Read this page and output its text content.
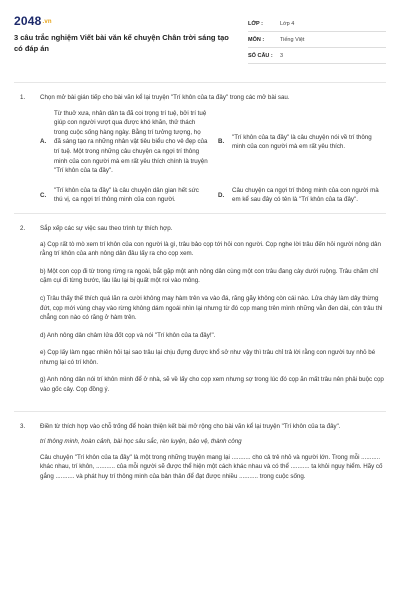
2048.vn
3 câu trắc nghiệm Viết bài văn kể chuyện Chân trời sáng tạo có đáp án
LỚP :	Lớp 4
MÔN :	Tiếng Việt
SỐ CÂU :	3
1.	Chọn mở bài gián tiếp cho bài văn kể lại truyện "Trí khôn của ta đây" trong các mở bài sau.
A.
Từ thuở xưa, nhân dân ta đã coi trọng trí tuệ, bởi trí tuệ giúp con người vượt qua được khó khăn, thử thách trong cuộc sống hàng ngày. Bằng trí tưởng tượng, họ đã sáng tạo ra những nhân vật tiêu biểu cho vẻ đẹp của trí tuệ. Một trong những câu chuyện ca ngợi trí thông minh của con người mà em rất yêu thích chính là truyện "Trí khôn của ta đây".
B.
"Trí khôn của ta đây" là câu chuyện nói về trí thông minh của con người mà em rất yêu thích.
C.
"Trí khôn của ta đây" là câu chuyện dân gian hết sức thú vị, ca ngợi trí thông minh của con người.
D.
Câu chuyện ca ngợi trí thông minh của con người mà em kể sau đây có tên là "Trí khôn của ta đây".
2.	Sắp xếp các sự việc sau theo trình tự thích hợp.
a) Cọp rất tò mò xem trí khôn của con người là gì, trâu bảo cọp tới hỏi con người. Cọp nghe lời trâu đến hỏi người nông dân rằng trí khôn của anh nông dân đâu lấy ra cho cọp xem.
b) Một con cọp đi từ trong rừng ra ngoài, bắt gặp một anh nông dân cùng một con trâu đang cày dưới ruộng. Trâu chăm chỉ cặm cụi đi từng bước, lâu lâu lại bị quất một roi vào mông.
c) Trâu thấy thế thích quá lăn ra cười không may hàm trên va vào đá, răng gãy không còn cái nào. Lửa cháy làm dây thừng đứt, cọp mới vùng chạy vào rừng không dám ngoái nhìn lại nhưng từ đó cọp mang trên mình những vằn đen dài, còn trâu thì chẳng con nào có răng ở hàm trên.
d) Anh nông dân châm lửa đốt cọp và nói "Trí khôn của ta đây!".
e) Cọp lấy làm ngạc nhiên hỏi tại sao trâu lại chịu đựng được khổ sở như vậy thì trâu chỉ trả lời rằng con người tuy nhỏ bé nhưng lại có trí khôn.
g) Anh nông dân nói trí khôn mình để ở nhà, sẽ về lấy cho cọp xem nhưng sợ trong lúc đó cọp ăn mất trâu nên phải buộc cọp vào gốc cây. Cọp đồng ý.
3.	Điền từ thích hợp vào chỗ trống để hoàn thiện kết bài mở rộng cho bài văn kể lại truyện "Trí khôn của ta đây".
trí thông minh, hoàn cảnh, bài học sâu sắc, rèn luyện, bảo vệ, thành công
Câu chuyện "Trí khôn của ta đây" là một trong những truyện mang lại ........... cho cả trẻ nhỏ và người lớn. Trong mỗi ........... khác nhau, trí khôn, ........... của mỗi người sẽ được thể hiện một cách khác nhau và có thể ........... ta khỏi nguy hiểm. Hãy cố gắng ........... và phát huy trí thông minh của bản thân để đạt được nhiều ........... trong cuộc sống.
